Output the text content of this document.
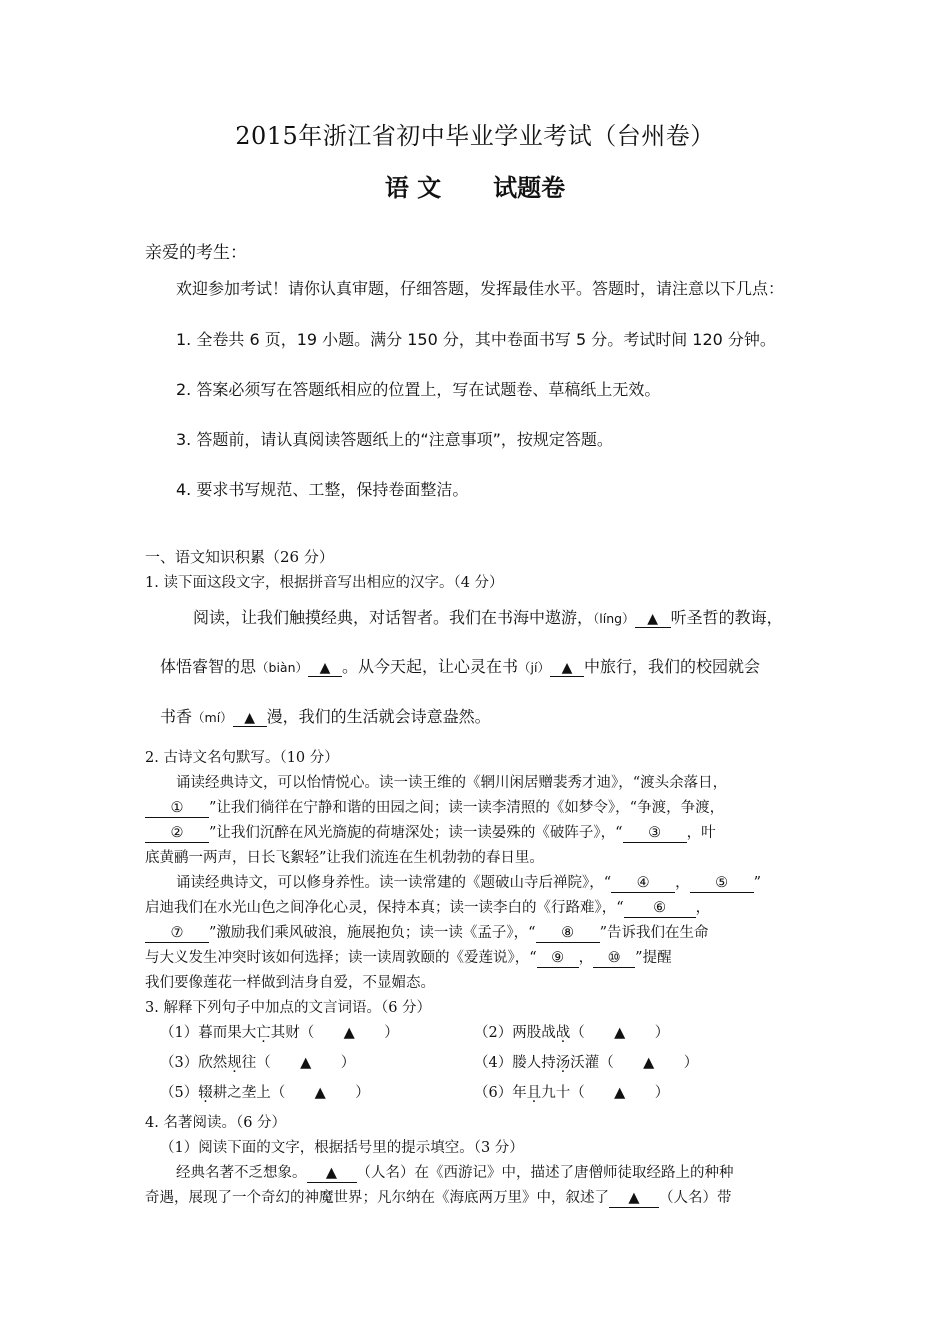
2015年浙江省初中毕业学业考试（台州卷）
语 文 试题卷
亲爱的考生：
欢迎参加考试！请你认真审题，仔细答题，发挥最佳水平。答题时，请注意以下几点：
1. 全卷共 6 页，19 小题。满分 150 分，其中卷面书写 5 分。考试时间 120 分钟。
2. 答案必须写在答题纸相应的位置上，写在试题卷、草稿纸上无效。
3. 答题前，请认真阅读答题纸上的“注意事项”，按规定答题。
4. 要求书写规范、工整，保持卷面整洁。
一、语文知识积累（26 分）
1. 读下面这段文字，根据拼音写出相应的汉字。（4 分）
阅读，让我们触摸经典，对话智者。我们在书海中遨游，（líng） ▲ 听圣哲的教诲，
体悟睿智的思（biàn） ▲ 。从今天起，让心灵在书（jí） ▲ 中旅行，我们的校园就会
书香（mí） ▲ 漫，我们的生活就会诗意盎然。
2. 古诗文名句默写。（10 分）
诵读经典诗文，可以怡情悦心。读一读王维的《辋川闲居赠裴秀才迪》，“渡头余落日，
① ”让我们徜徉在宁静和谐的田园之间；读一读李清照的《如梦令》，“争渡，争渡，
② ”让我们沉醉在风光旖旎的荷塘深处；读一读晏殊的《破阵子》，“ ③ ，叶
底黄鹂一两声，日长飞絮轻”让我们流连在生机勃勃的春日里。
诵读经典诗文，可以修身养性。读一读常建的《题破山寺后禅院》，“ ④ ， ⑤ ”
启迪我们在水光山色之间净化心灵，保持本真；读一读李白的《行路难》，“ ⑥ ，
⑦ ”激励我们乘风破浪，施展抱负；读一读《孟子》，“ ⑧ ”告诉我们在生命
与大义发生冲突时该如何选择；读一读周敦颐的《爱莲说》，“ ⑨ ， ⑩ ”提醒
我们要像莲花一样做到洁身自爱，不显媚态。
3. 解释下列句子中加点的文言词语。（6 分）
（1）暮而果大亡其财（ ▲ ）	（2）两股战战（ ▲ ）
（3）欣然规往（ ▲ ）	（4）媵人持汤沃灌（ ▲ ）
（5）辍耕之垄上（ ▲ ）	（6）年且九十（ ▲ ）
4. 名著阅读。（6 分）
（1）阅读下面的文字，根据括号里的提示填空。（3 分）
经典名著不乏想象。 ▲ （人名）在《西游记》中，描述了唐僧师徒取经路上的种种
奇遇，展现了一个奇幻的神魔世界；凡尔纳在《海底两万里》中，叙述了 ▲ （人名）带
